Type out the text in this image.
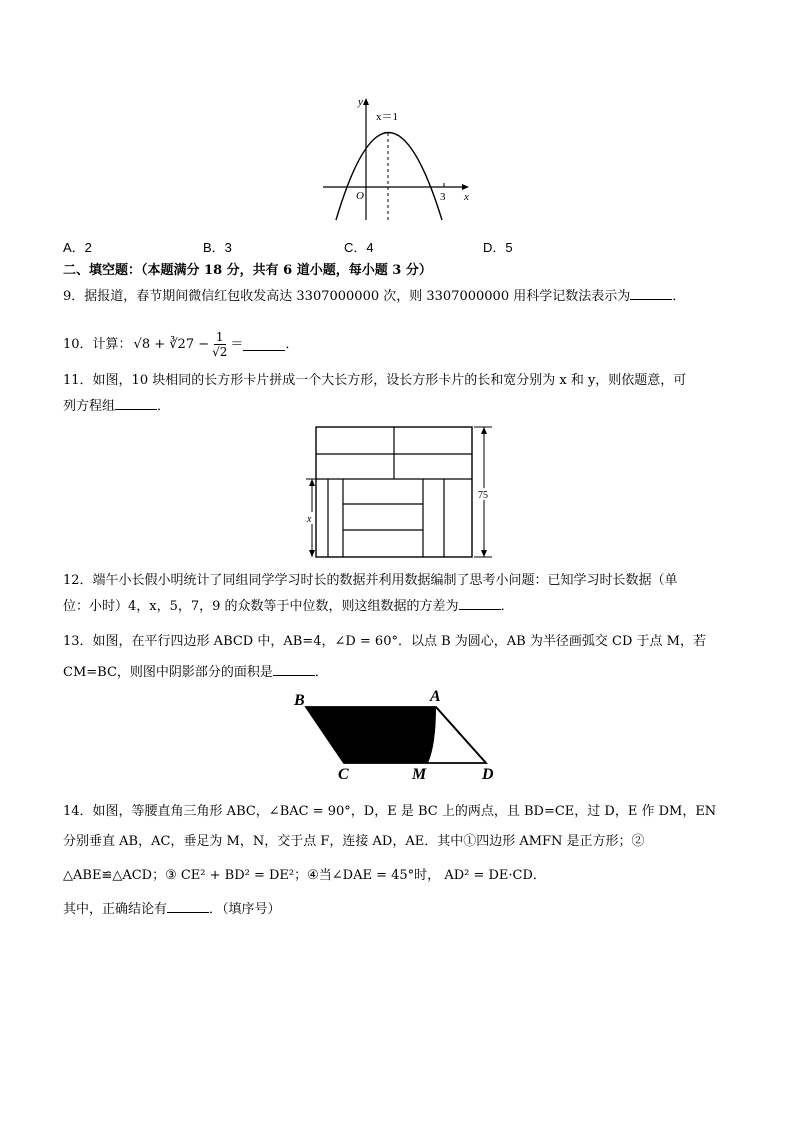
y
x
O
x＝1
3
A．2	B．3	C．4	D．5
二、填空题：（本题满分 18 分，共有 6 道小题，每小题 3 分）
9．据报道，春节期间微信红包收发高达 3307000000 次，则 3307000000 用科学记数法表示为	．
10．计算： √8 + ∛27 − $\frac{1}{√2}$ ＝	．
11．如图，10 块相同的长方形卡片拼成一个大长方形，设长方形卡片的长和宽分别为 x 和 y，则依题意，可
列方程组	．
x
75
12．端午小长假小明统计了同组同学学习时长的数据并利用数据编制了思考小问题：已知学习时长数据（单
位：小时）4，x，5，7，9 的众数等于中位数，则这组数据的方差为	．
13．如图，在平行四边形 ABCD 中，AB=4，∠D = 60°．以点 B 为圆心，AB 为半径画弧交 CD 于点 M，若
CM=BC，则图中阴影部分的面积是	．
B	A
C	M	D
14．如图，等腰直角三角形 ABC，∠BAC = 90°，D，E 是 BC 上的两点，且 BD=CE，过 D，E 作 DM，EN
分别垂直 AB，AC，垂足为 M，N，交于点 F，连接 AD，AE．其中①四边形 AMFN 是正方形；②
△ABE≌△ACD；③ CE² + BD² = DE²；④当∠DAE = 45°时， AD² = DE·CD．
其中，正确结论有	．（填序号）
